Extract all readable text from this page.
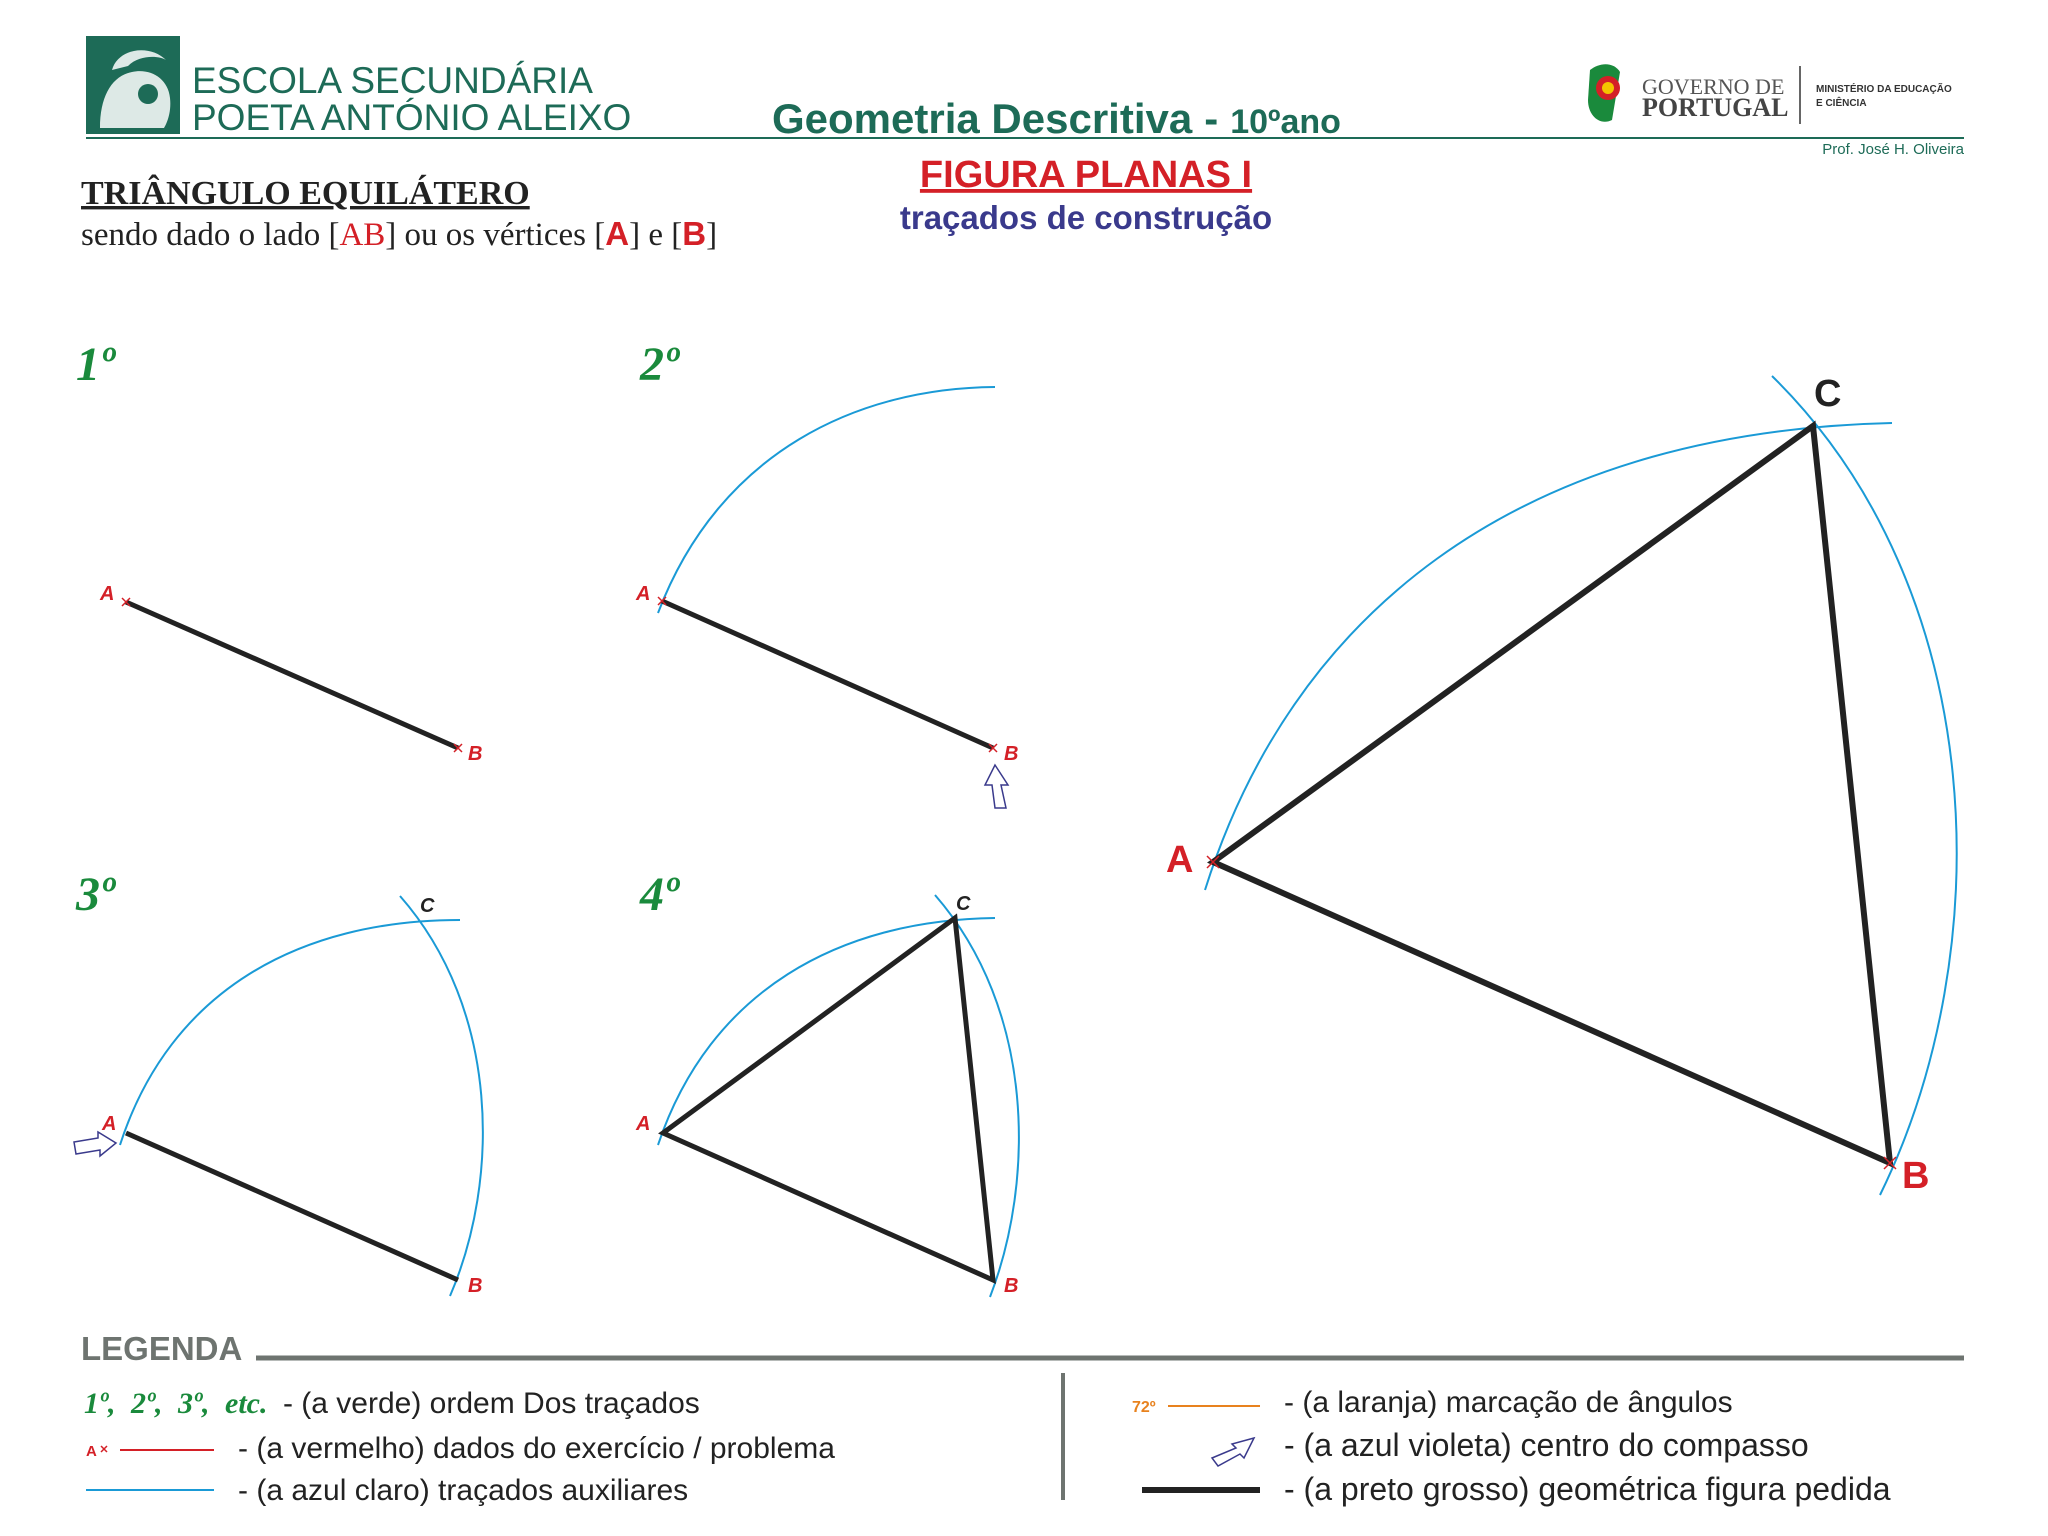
ESCOLA SECUNDÁRIA
POETA ANTÓNIO ALEIXO	Geometria Descritiva - 10ºano
GOVERNO DE
PORTUGAL
MINISTÉRIO DA EDUCAÇÃO
E CIÊNCIA
Prof. José H. Oliveira
TRIÂNGULO EQUILÁTERO
sendo dado o lado [AB] ou os vértices [A] e [B]
FIGURA PLANAS I
traçados de construção
1º
A
B
2º
A
B
3º
A
B
C	4º
A
B
C
A
B
C
LEGENDA
1º, 2º, 3º, etc. - (a verde) ordem Dos traçados
A	- (a vermelho) dados do exercício / problema
- (a azul claro) traçados auxiliares
72º	- (a laranja) marcação de ângulos
- (a azul violeta) centro do compasso
- (a preto grosso) geométrica figura pedida
